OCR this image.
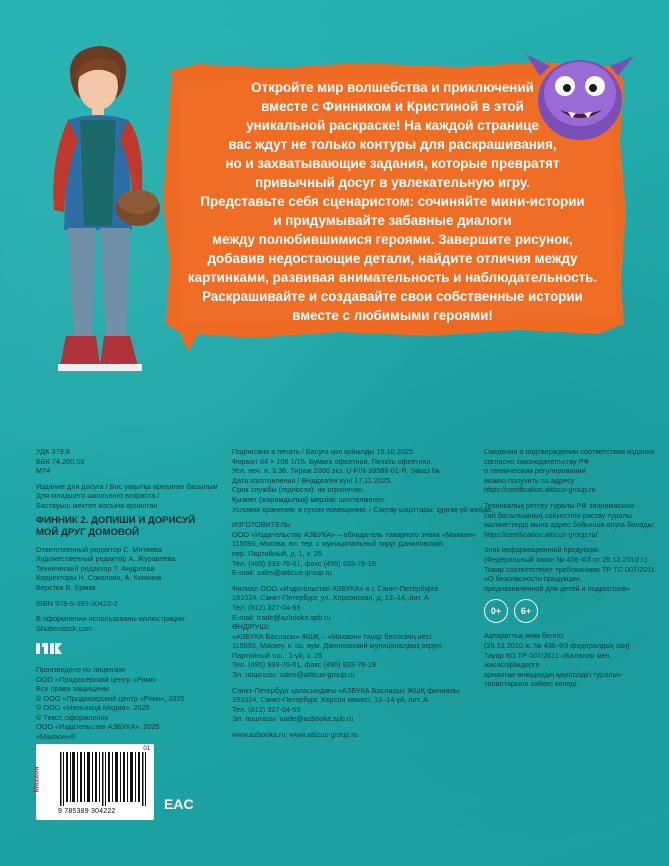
Откройте мир волшебства и приключений

вместе с Финником и Кристиной в этой

уникальной раскраске! На каждой странице

вас ждут не только контуры для раскрашивания,

но и захватывающие задания, которые превратят

привычный досуг в увлекательную игру.

Представьте себя сценаристом: сочиняйте мини-истории

и придумывайте забавные диалоги

между полюбившимися героями. Завершите рисунок,

добавив недостающие детали, найдите отличия между

картинками, развивая внимательность и наблюдательность.

Раскрашивайте и создавайте свои собственные истории

вместе с любимыми героями!

УДК 379.8
ББК 74.200.58
М74
Издание для досуга / Бос уақытқа арналған басылым
Для младшего школьного возраста /
Бастауыш мектеп жасына арналған
ФИННИК 2. ДОПИШИ И ДОРИСУЙ
МОЙ ДРУГ ДОМОВОЙ
Ответственный редактор С. Митяева
Художественный редактор А. Журавлева
Технический редактор Т. Андреева
Корректоры Н. Соколова, А. Конкина
Верстка В. Ермак
ISBN 978-5-389-30422-2
В оформлении использованы иллюстрации:
Shutterstock.com
Произведено по лицензии
ООО «Продюсерский центр «Рики»
Все права защищены
© ООО «Продюсерский центр «Рики», 2025
© ООО «Мельница Медиа», 2025
© Текст, оформление
ООО «Издательство АЗБУКА», 2025
«Махаон»®
Махаон
01
9 785389 304222	EAC
Подписано в печать / Басуға қол қойылды 15.10.2025.
Формат 84 × 108 1/16. Бумага офсетная. Печать офсетная.
Усл. печ. л. 3,36. Тираж 2000 экз. U-FIN-39586-01-R. Заказ №
Дата изготовления / Өндірілген күні 17.11.2025.
Срок службы (годности): не ограничен.
Қызмет (жарамдылық) мерзімі: шектелмеген.
Условия хранения: в сухом помещении. / Сақтау шарттары: құрғақ үй-жайда.
ИЗГОТОВИТЕЛЬ:
ООО «Издательство АЗБУКА» – обладатель товарного знака «Махаон»
115093, Москва, вн. тер. г. муниципальный округ Даниловский,
пер. Партийный, д. 1, к. 25
Тел. (495) 933-76-01, факс (495) 933-76-19
E-mail: sales@atticus-group.ru
Филиал ООО «Издательство АЗБУКА» в г. Санкт-Петербурге
191024, Санкт-Петербург, ул. Херсонская, д. 12–14, лит. А
Тел. (812) 327-04-55
E-mail: trade@azbooka.spb.ru
ӨНДІРУШІ:
«АЗБУКА Басласы» ЖШҚ – «Махаон» тауар белгісінің иесі
115093, Мәскеу, к. іш. аум. Даниловский муниципалдық округі,
Партийный т.ш., 1-үй, к. 25
Тел. (495) 933-76-01, факс (495) 933-76-19
Эл. поштасы: sales@atticus-group.ru
Санкт-Петербург қаласындағы «АЗБУКА Басласы» ЖШҚ филиалы
191024, Санкт-Петербург, Херсон көшесі, 12–14 үй, лит. А
Тел. (812) 327-04-55
Эл. поштасы: trade@azbooka.spb.ru
www.azbooka.ru; www.atticus-group.ru
Сведения о подтверждении соответствия издания
согласно законодательству РФ
о техническом регулировании
можно получить по адресу
https://certification.atticus-group.ru
Техникалық реттеу туралы РФ заңнамасына
сай басылымның сәйкестігін растау туралы
мәліметтерді мына адрес бойынша алуға болады:
https://certification.atticus-group.ru/
Знак информационной продукции
(Федеральный закон № 436-ФЗ от 29.12.2010 г.)
Товар соответствует требованиям ТР ТС 007/2011
«О безопасности продукции,
предназначенной для детей и подростков»
0+	6+
Ақпараттық өнім белгісі
(29.12.2010 ж. № 436-ФЗ федералдық заң)
Тауар КО ТР 007/2011 «Балалар мен
жасөспірімдерге
арналған өнімдердің қауіпсіздігі туралы»
талаптарына сәйкес келеді.
